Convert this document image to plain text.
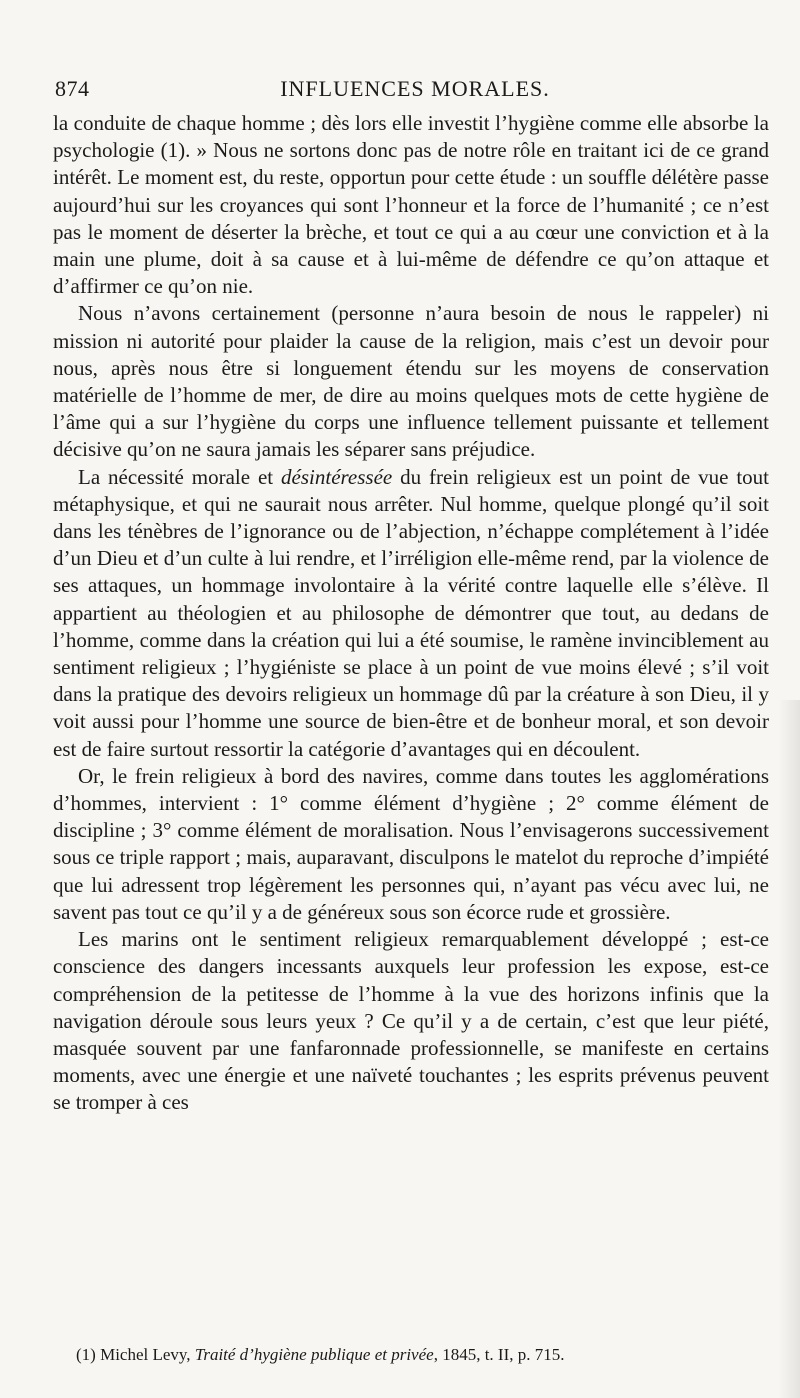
874	INFLUENCES MORALES.

la conduite de chaque homme ; dès lors elle investit l’hygiène comme elle absorbe la psychologie (1). » Nous ne sortons donc pas de notre rôle en traitant ici de ce grand intérêt. Le moment est, du reste, opportun pour cette étude : un souffle délétère passe aujourd’hui sur les croyances qui sont l’honneur et la force de l’humanité ; ce n’est pas le moment de déserter la brèche, et tout ce qui a au cœur une conviction et à la main une plume, doit à sa cause et à lui-même de défendre ce qu’on attaque et d’affirmer ce qu’on nie.

Nous n’avons certainement (personne n’aura besoin de nous le rappeler) ni mission ni autorité pour plaider la cause de la religion, mais c’est un devoir pour nous, après nous être si longuement étendu sur les moyens de conservation matérielle de l’homme de mer, de dire au moins quelques mots de cette hygiène de l’âme qui a sur l’hygiène du corps une influence tellement puissante et tellement décisive qu’on ne saura jamais les séparer sans préjudice.

La nécessité morale et désintéressée du frein religieux est un point de vue tout métaphysique, et qui ne saurait nous arrêter. Nul homme, quelque plongé qu’il soit dans les ténèbres de l’ignorance ou de l’abjection, n’échappe complétement à l’idée d’un Dieu et d’un culte à lui rendre, et l’irréligion elle-même rend, par la violence de ses attaques, un hommage involontaire à la vérité contre laquelle elle s’élève. Il appartient au théologien et au philosophe de démontrer que tout, au dedans de l’homme, comme dans la création qui lui a été soumise, le ramène invinciblement au sentiment religieux ; l’hygiéniste se place à un point de vue moins élevé ; s’il voit dans la pratique des devoirs religieux un hommage dû par la créature à son Dieu, il y voit aussi pour l’homme une source de bien-être et de bonheur moral, et son devoir est de faire surtout ressortir la catégorie d’avantages qui en découlent.

Or, le frein religieux à bord des navires, comme dans toutes les agglomérations d’hommes, intervient : 1° comme élément d’hygiène ; 2° comme élément de discipline ; 3° comme élément de moralisation. Nous l’envisagerons successivement sous ce triple rapport ; mais, auparavant, disculpons le matelot du reproche d’impiété que lui adressent trop légèrement les personnes qui, n’ayant pas vécu avec lui, ne savent pas tout ce qu’il y a de généreux sous son écorce rude et grossière.

Les marins ont le sentiment religieux remarquablement développé ; est-ce conscience des dangers incessants auxquels leur profession les expose, est-ce compréhension de la petitesse de l’homme à la vue des horizons infinis que la navigation déroule sous leurs yeux ? Ce qu’il y a de certain, c’est que leur piété, masquée souvent par une fanfaronnade professionnelle, se manifeste en certains moments, avec une énergie et une naïveté touchantes ; les esprits prévenus peuvent se tromper à ces

(1) Michel Levy, Traité d’hygiène publique et privée, 1845, t. II, p. 715.
